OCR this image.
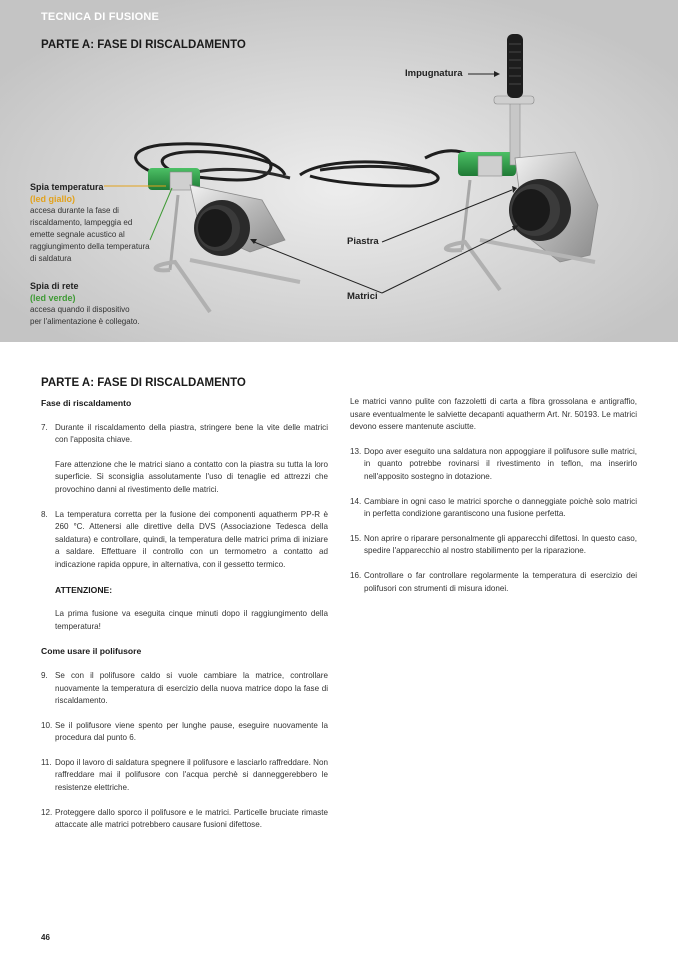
TECNICA DI FUSIONE
PARTE A: FASE DI RISCALDAMENTO
Spia temperatura
(led giallo)
accesa durante la fase di
riscaldamento, lampeggia ed
emette segnale acustico al
raggiungimento della temperatura
di saldatura
Spia di rete
(led verde)
accesa quando il dispositivo
per l'alimentazione è collegato.
Impugnatura
Piastra
Matrici
PARTE A: FASE DI RISCALDAMENTO

Fase di riscaldamento

7. Durante il riscaldamento della piastra, stringere bene la vite delle matrici con l'apposita chiave.
Fare attenzione che le matrici siano a contatto con la piastra su tutta la loro superficie. Si sconsiglia assolutamente l'uso di tenaglie ed attrezzi che provochino danni al rivestimento delle matrici.
8. La temperatura corretta per la fusione dei componenti aquatherm PP-R è 260 °C. Attenersi alle direttive della DVS (Associazione Tedesca della saldatura) e controllare, quindi, la temperatura delle matrici prima di iniziare a saldare. Effettuare il controllo con un termometro a contatto ad indicazione rapida oppure, in alternativa, con il gessetto termico.
ATTENZIONE:
La prima fusione va eseguita cinque minuti dopo il raggiungimento della temperatura!

Come usare il polifusore

9. Se con il polifusore caldo si vuole cambiare la matrice, controllare nuovamente la temperatura di esercizio della nuova matrice dopo la fase di riscaldamento.
10. Se il polifusore viene spento per lunghe pause, eseguire nuovamente la procedura dal punto 6.
11. Dopo il lavoro di saldatura spegnere il polifusore e lasciarlo raffreddare. Non raffreddare mai il polifusore con l'acqua perchè si danneggerebbero le resistenze elettriche.
12. Proteggere dallo sporco il polifusore e le matrici. Particelle bruciate rimaste attaccate alle matrici potrebbero causare fusioni difettose.

Le matrici vanno pulite con fazzoletti di carta a fibra grossolana e antigraffio, usare eventualmente le salviette decapanti aquatherm Art. Nr. 50193. Le matrici devono essere mantenute asciutte.

13. Dopo aver eseguito una saldatura non appoggiare il polifusore sulle matrici, in quanto potrebbe rovinarsi il rivestimento in teflon, ma inserirlo nell'apposito sostegno in dotazione.
14. Cambiare in ogni caso le matrici sporche o danneggiate poichè solo matrici in perfetta condizione garantiscono una fusione perfetta.
15. Non aprire o riparare personalmente gli apparecchi difettosi. In questo caso, spedire l'apparecchio al nostro stabilimento per la riparazione.
16. Controllare o far controllare regolarmente la temperatura di esercizio dei polifusori con strumenti di misura idonei.
46
